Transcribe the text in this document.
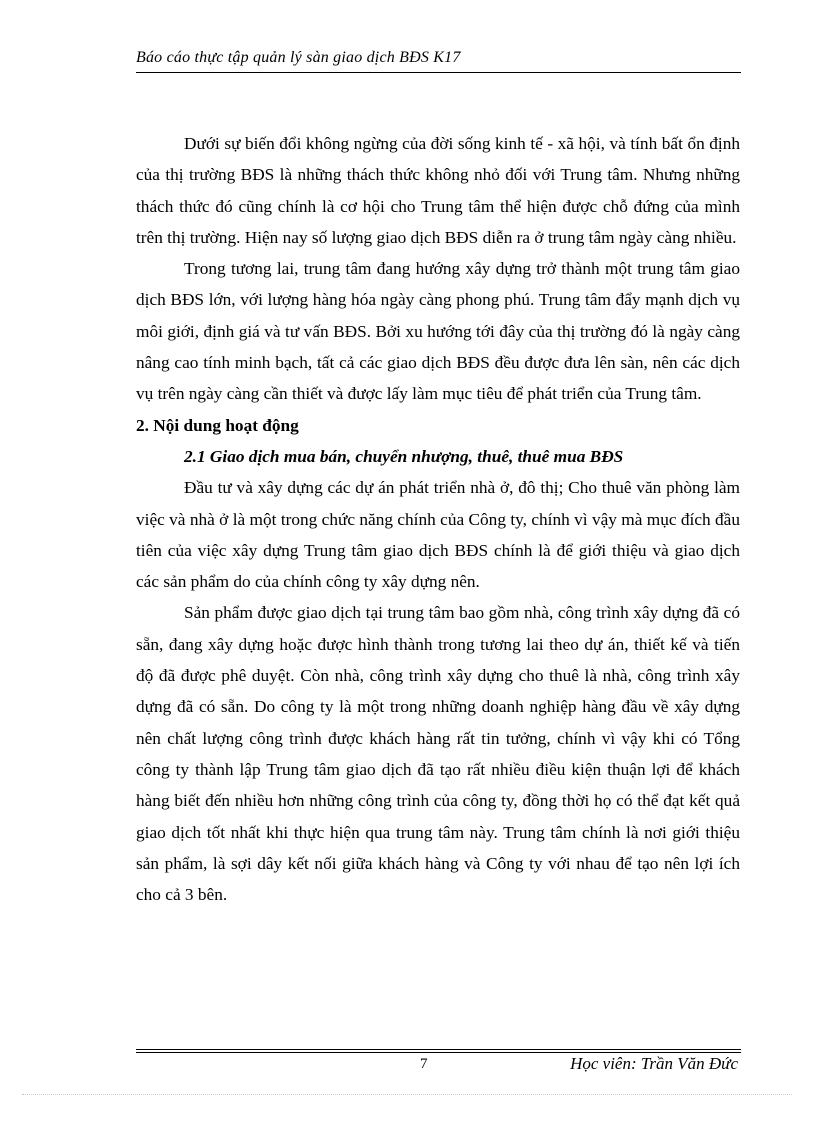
Báo cáo thực tập quản lý sàn giao dịch BĐS K17

Dưới sự biến đổi không ngừng của đời sống kinh tế - xã hội, và tính bất ổn định của thị trường BĐS là những thách thức không nhỏ đối với Trung tâm. Nhưng những thách thức đó cũng chính là cơ hội cho Trung tâm thể hiện được chỗ đứng của mình trên thị trường. Hiện nay số lượng giao dịch BĐS diễn ra ở trung tâm ngày càng nhiều.

Trong tương lai, trung tâm đang hướng xây dựng trở thành một trung tâm giao dịch BĐS lớn, với lượng hàng hóa ngày càng phong phú. Trung tâm đẩy mạnh dịch vụ môi giới, định giá và tư vấn BĐS. Bởi xu hướng tới đây của thị trường đó là ngày càng nâng cao tính minh bạch, tất cả các giao dịch BĐS đều được đưa lên sàn, nên các dịch vụ trên ngày càng cần thiết và được lấy làm mục tiêu để phát triển của Trung tâm.

2. Nội dung hoạt động

2.1 Giao dịch mua bán, chuyển nhượng, thuê, thuê mua BĐS

Đầu tư và xây dựng các dự án phát triển nhà ở, đô thị; Cho thuê văn phòng làm việc và nhà ở là một trong chức năng chính của Công ty, chính vì vậy mà mục đích đầu tiên của việc xây dựng Trung tâm giao dịch BĐS chính là để giới thiệu và giao dịch các sản phẩm do của chính công ty xây dựng nên.

Sản phẩm được giao dịch tại trung tâm bao gồm nhà, công trình xây dựng đã có sẵn, đang xây dựng hoặc được hình thành trong tương lai theo dự án, thiết kế và tiến độ đã được phê duyệt. Còn nhà, công trình xây dựng cho thuê là nhà, công trình xây dựng đã có sẵn. Do công ty là một trong những doanh nghiệp hàng đầu về xây dựng nên chất lượng công trình được khách hàng rất tin tưởng, chính vì vậy khi có Tổng công ty thành lập Trung tâm giao dịch đã tạo rất nhiều điều kiện thuận lợi để khách hàng biết đến nhiều hơn những công trình của công ty, đồng thời họ có thể đạt kết quả giao dịch tốt nhất khi thực hiện qua trung tâm này. Trung tâm chính là nơi giới thiệu sản phẩm, là sợi dây kết nối giữa khách hàng và Công ty với nhau để tạo nên lợi ích cho cả 3 bên.

7	Học viên: Trần Văn Đức
